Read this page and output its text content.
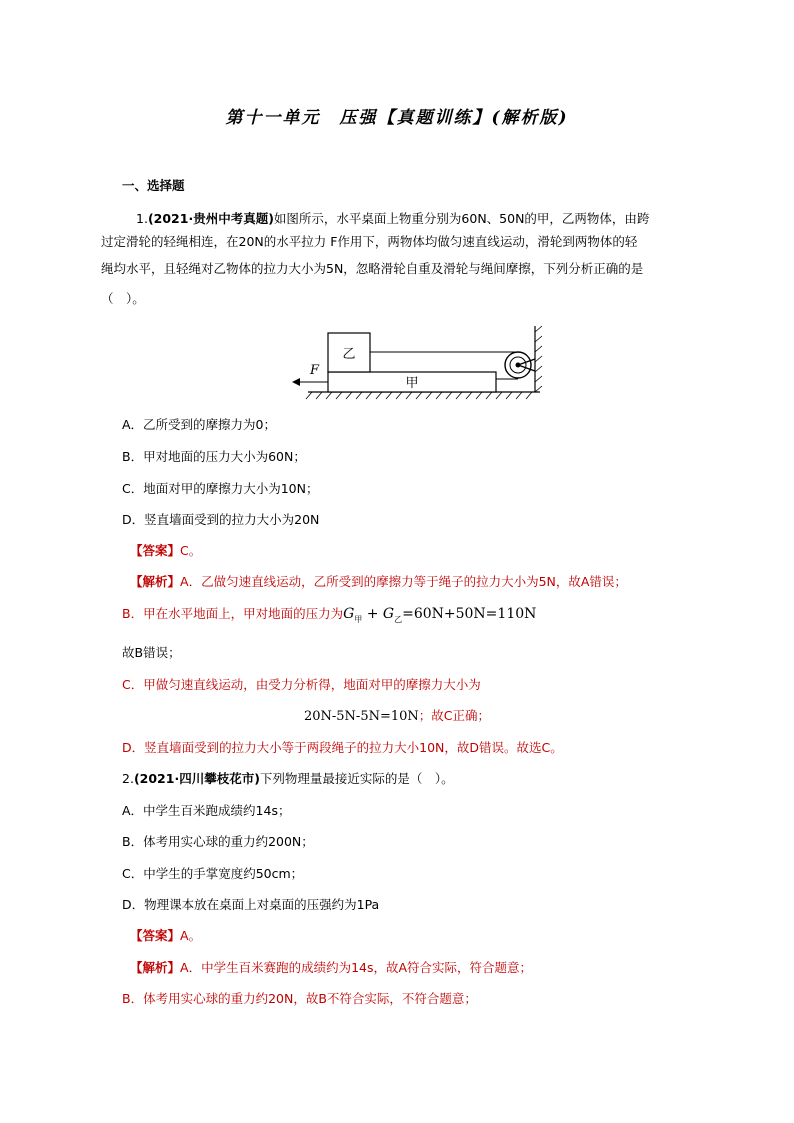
第十一单元　压强【真题训练】(解析版)
一、选择题
1.(2021·贵州中考真题)如图所示，水平桌面上物重分别为60N、50N的甲，乙两物体，由跨
过定滑轮的轻绳相连，在20N的水平拉力 F作用下，两物体均做匀速直线运动，滑轮到两物体的轻
绳均水平，且轻绳对乙物体的拉力大小为5N，忽略滑轮自重及滑轮与绳间摩擦，下列分析正确的是
（　）。
甲
乙
F
A．乙所受到的摩擦力为0；
B．甲对地面的压力大小为60N；
C．地面对甲的摩擦力大小为10N；
D．竖直墙面受到的拉力大小为20N
【答案】C。
【解析】A．乙做匀速直线运动，乙所受到的摩擦力等于绳子的拉力大小为5N，故A错误；
B．甲在水平地面上，甲对地面的压力为$G_甲 + G_乙=60N+50N=110N$
故B错误；
C．甲做匀速直线运动，由受力分析得，地面对甲的摩擦力大小为
20N-5N-5N=10N；故C正确；
D．竖直墙面受到的拉力大小等于两段绳子的拉力大小10N，故D错误。故选C。
2.(2021·四川攀枝花市)下列物理量最接近实际的是（　）。
A．中学生百米跑成绩约14s；
B．体考用实心球的重力约200N；
C．中学生的手掌宽度约50cm；
D．物理课本放在桌面上对桌面的压强约为1Pa
【答案】A。
【解析】A．中学生百米赛跑的成绩约为14s，故A符合实际，符合题意；
B．体考用实心球的重力约20N，故B不符合实际，不符合题意；
